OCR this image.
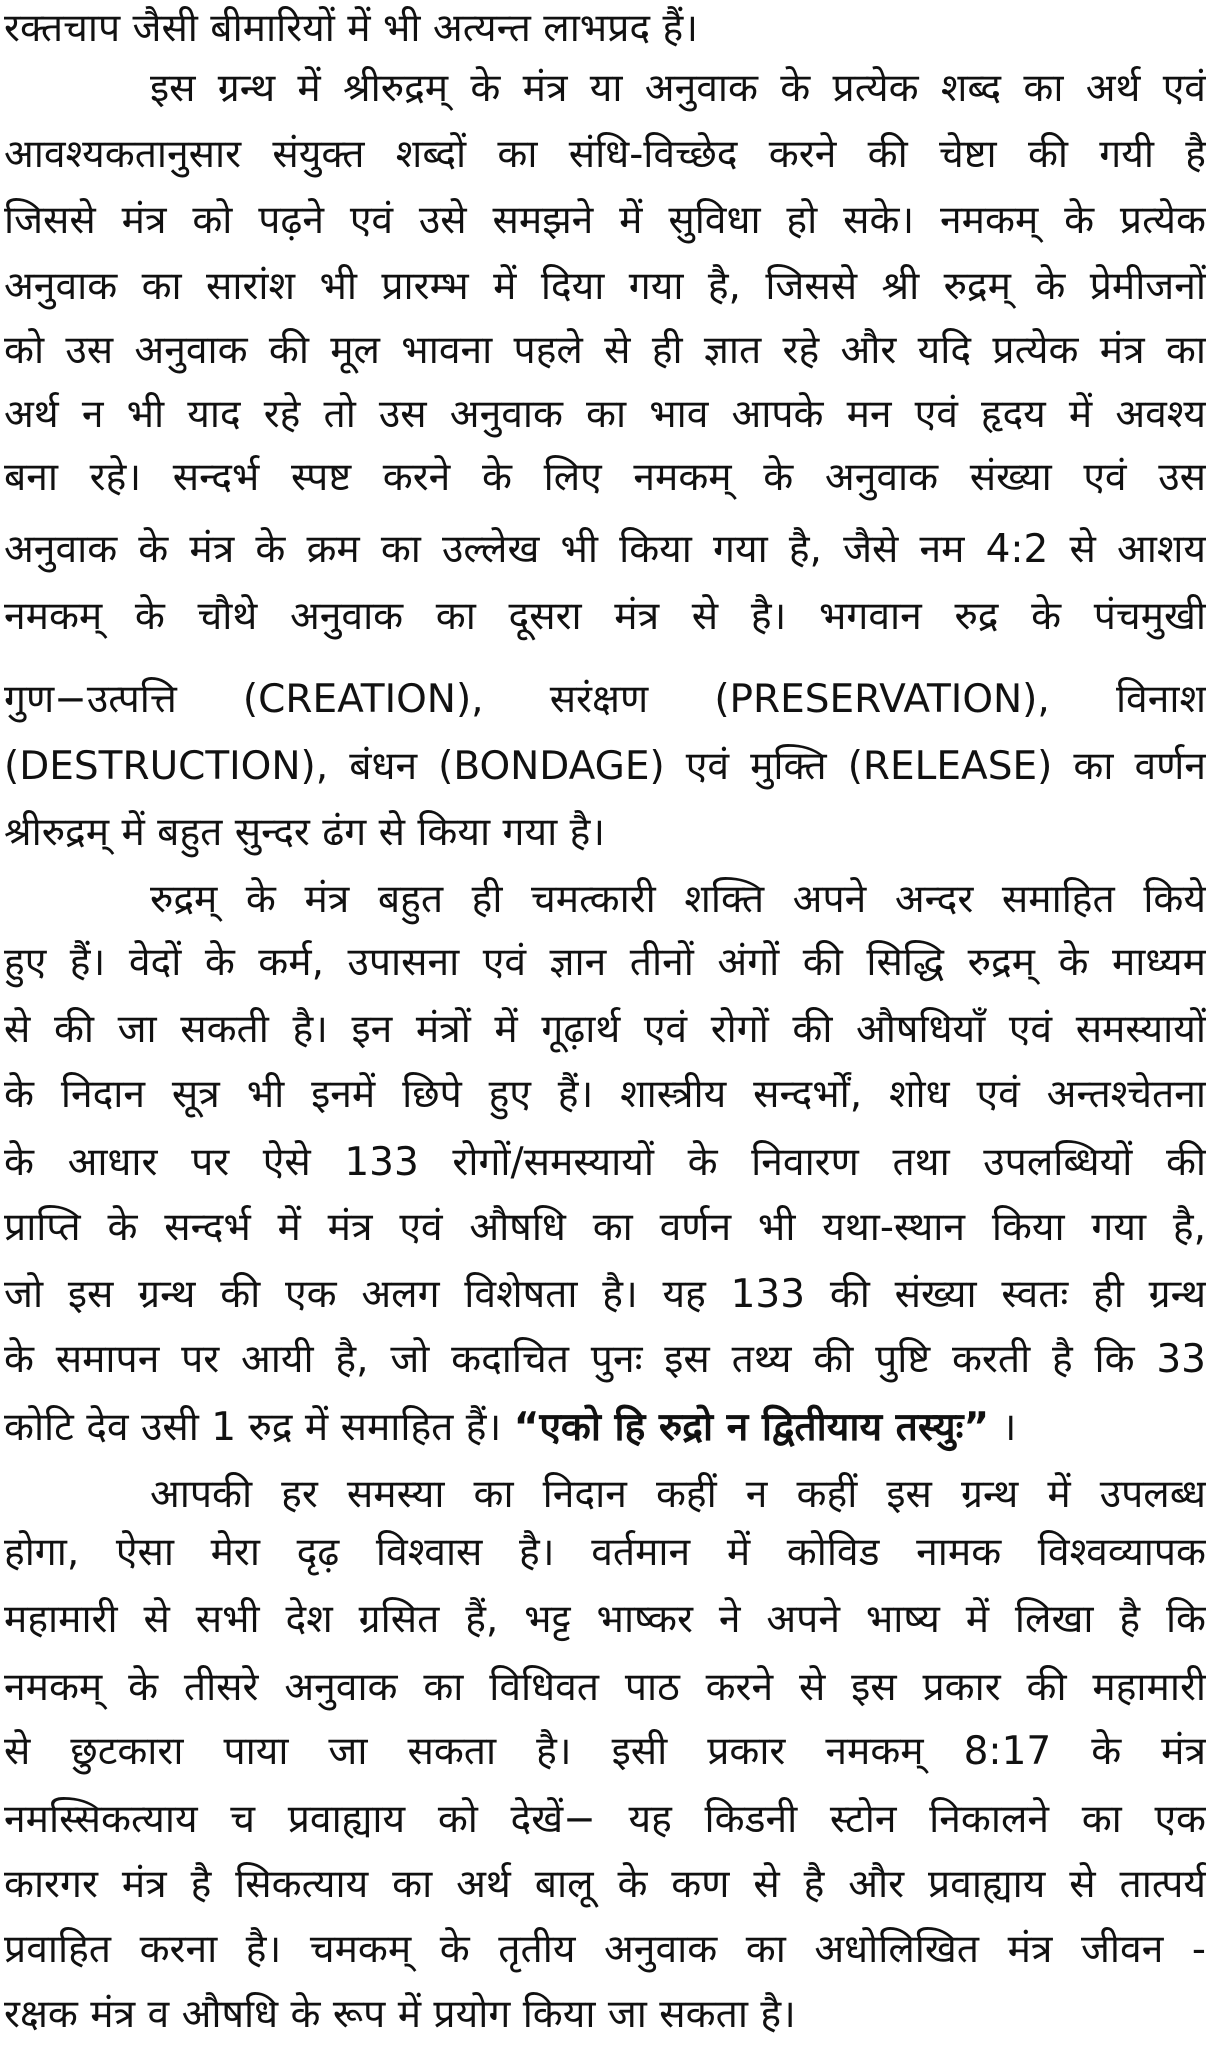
रक्तचाप जैसी बीमारियों में भी अत्यन्त लाभप्रद हैं।
इस ग्रन्थ में श्रीरुद्रम् के मंत्र या अनुवाक के प्रत्येक शब्द का अर्थ एवं
आवश्यकतानुसार संयुक्त शब्दों का संधि-विच्छेद करने की चेष्टा की गयी है
जिससे मंत्र को पढ़ने एवं उसे समझने में सुविधा हो सके। नमकम् के प्रत्येक
अनुवाक का सारांश भी प्रारम्भ में दिया गया है, जिससे श्री रुद्रम् के प्रेमीजनों
को उस अनुवाक की मूल भावना पहले से ही ज्ञात रहे और यदि प्रत्येक मंत्र का
अर्थ न भी याद रहे तो उस अनुवाक का भाव आपके मन एवं हृदय में अवश्य
बना रहे। सन्दर्भ स्पष्ट करने के लिए नमकम् के अनुवाक संख्या एवं उस
अनुवाक के मंत्र के क्रम का उल्लेख भी किया गया है, जैसे नम 4:2 से आशय
नमकम् के चौथे अनुवाक का दूसरा मंत्र से है। भगवान रुद्र के पंचमुखी
गुण−उत्पत्ति (CREATION), सरंक्षण (PRESERVATION), विनाश
(DESTRUCTION), बंधन (BONDAGE) एवं मुक्ति (RELEASE) का वर्णन
श्रीरुद्रम् में बहुत सुन्दर ढंग से किया गया है।
रुद्रम् के मंत्र बहुत ही चमत्कारी शक्ति अपने अन्दर समाहित किये
हुए हैं। वेदों के कर्म, उपासना एवं ज्ञान तीनों अंगों की सिद्धि रुद्रम् के माध्यम
से की जा सकती है। इन मंत्रों में गूढ़ार्थ एवं रोगों की औषधियाँ एवं समस्यायों
के निदान सूत्र भी इनमें छिपे हुए हैं। शास्त्रीय सन्दर्भों, शोध एवं अन्तश्चेतना
के आधार पर ऐसे 133 रोगों/समस्यायों के निवारण तथा उपलब्धियों की
प्राप्ति के सन्दर्भ में मंत्र एवं औषधि का वर्णन भी यथा-स्थान किया गया है,
जो इस ग्रन्थ की एक अलग विशेषता है। यह 133 की संख्या स्वतः ही ग्रन्थ
के समापन पर आयी है, जो कदाचित पुनः इस तथ्य की पुष्टि करती है कि 33
कोटि देव उसी 1 रुद्र में समाहित हैं। “एको हि रुद्रो न द्वितीयाय तस्युः” ।
आपकी हर समस्या का निदान कहीं न कहीं इस ग्रन्थ में उपलब्ध
होगा, ऐसा मेरा दृढ़ विश्वास है। वर्तमान में कोविड नामक विश्वव्यापक
महामारी से सभी देश ग्रसित हैं, भट्ट भाष्कर ने अपने भाष्य में लिखा है कि
नमकम् के तीसरे अनुवाक का विधिवत पाठ करने से इस प्रकार की महामारी
से छुटकारा पाया जा सकता है। इसी प्रकार नमकम् 8:17 के मंत्र
नमस्सिकत्याय च प्रवाह्याय को देखें− यह किडनी स्टोन निकालने का एक
कारगर मंत्र है सिकत्याय का अर्थ बालू के कण से है और प्रवाह्याय से तात्पर्य
प्रवाहित करना है। चमकम् के तृतीय अनुवाक का अधोलिखित मंत्र जीवन -
रक्षक मंत्र व औषधि के रूप में प्रयोग किया जा सकता है।
